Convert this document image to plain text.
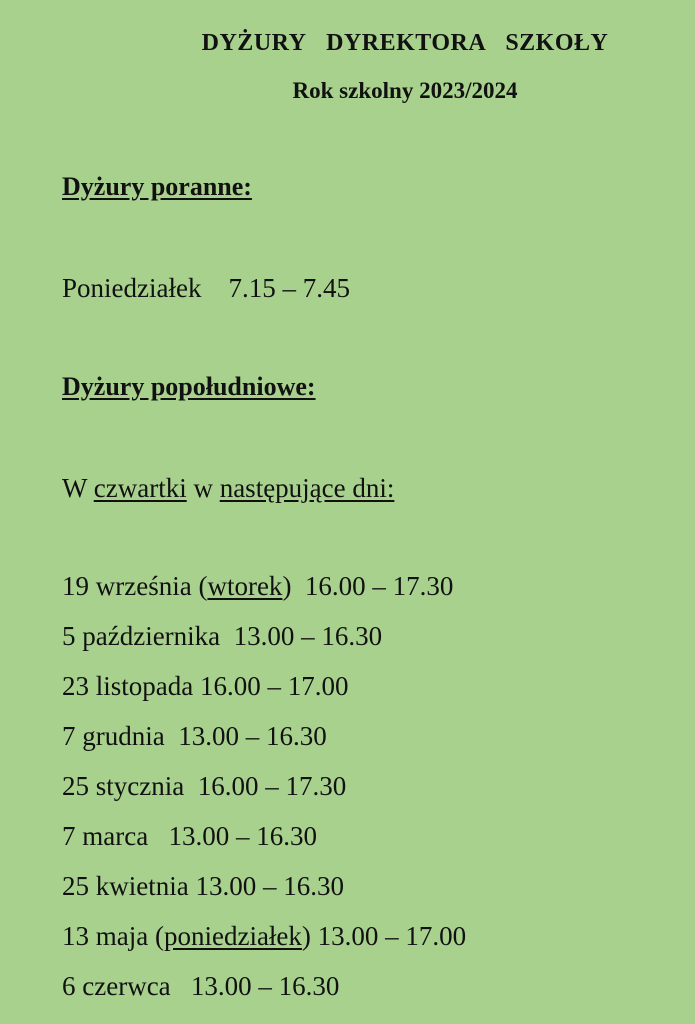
DYŻURY DYREKTORA SZKOŁY
Rok szkolny 2023/2024
Dyżury poranne:
Poniedziałek    7.15 – 7.45
Dyżury popołudniowe:
W czwartki w następujące dni:
19 września (wtorek)  16.00 – 17.30
5 października  13.00 – 16.30
23 listopada 16.00 – 17.00
7 grudnia  13.00 – 16.30
25 stycznia  16.00 – 17.30
7 marca   13.00 – 16.30
25 kwietnia 13.00 – 16.30
13 maja (poniedziałek) 13.00 – 17.00
6 czerwca   13.00 – 16.30
